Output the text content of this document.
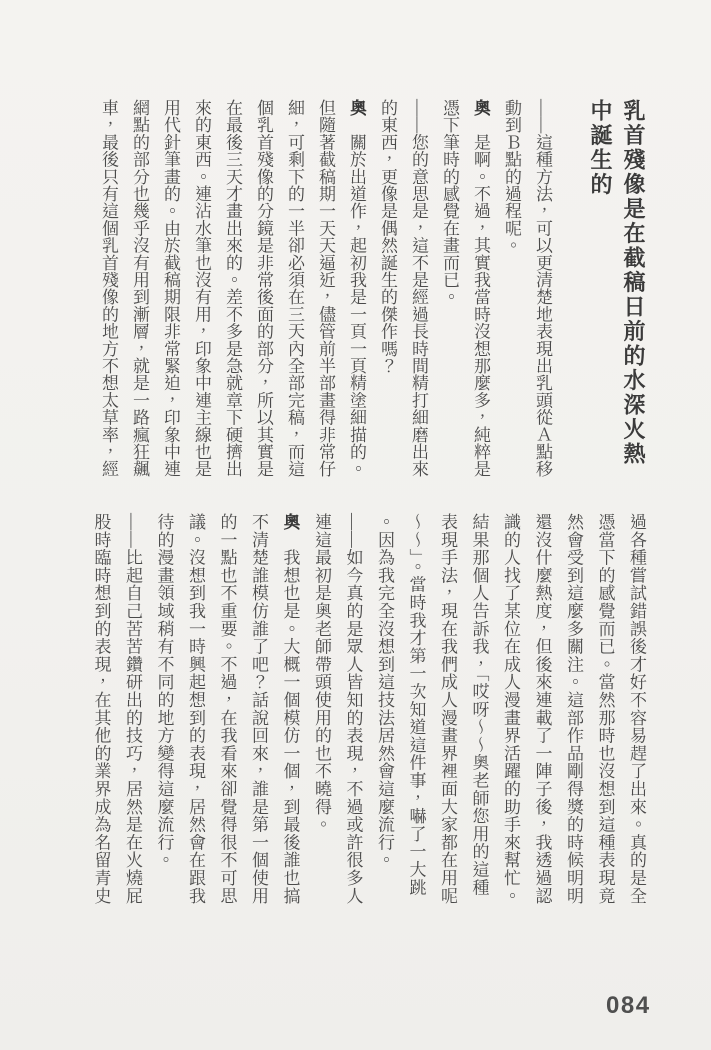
乳首殘像是在截稿日前的水深火熱中誕生的

——這種方法，可以更清楚地表現出乳頭從Ａ點移動到Ｂ點的過程呢。

奧　是啊。不過，其實我當時沒想那麼多，純粹是憑下筆時的感覺在畫而已。

——您的意思是，這不是經過長時間精打細磨出來的東西，更像是偶然誕生的傑作嗎？

奧　關於出道作，起初我是一頁一頁精塗細描的。但隨著截稿期一天天逼近，儘管前半部畫得非常仔細，可剩下的一半卻必須在三天內全部完稿，而這個乳首殘像的分鏡是非常後面的部分，所以其實是在最後三天才畫出來的。差不多是急就章下硬擠出來的東西。連沾水筆也沒有用，印象中連主線也是用代針筆畫的。由於截稿期限非常緊迫，印象中連網點的部分也幾乎沒有用到漸層，就是一路瘋狂飆車，最後只有這個乳首殘像的地方不想太草率，經

過各種嘗試錯誤後才好不容易趕了出來。真的是全憑當下的感覺而已。當然那時也沒想到這種表現竟然會受到這麼多關注。這部作品剛得獎的時候明明還沒什麼熱度，但後來連載了一陣子後，我透過認識的人找了某位在成人漫畫界活躍的助手來幫忙。結果那個人告訴我，「哎呀～～奧老師您用的這種表現手法，現在我們成人漫畫界裡面大家都在用呢～～」。當時我才第一次知道這件事，嚇了一大跳。因為我完全沒想到這技法居然會這麼流行。

——如今真的是眾人皆知的表現，不過或許很多人連這最初是奧老師帶頭使用的也不曉得。

奧　我想也是。大概一個模仿一個，到最後誰也搞不清楚誰模仿誰了吧？話說回來，誰是第一個使用的一點也不重要。不過，在我看來卻覺得很不可思議。沒想到我一時興起想到的表現，居然會在跟我待的漫畫領域稍有不同的地方變得這麼流行。

——比起自己苦苦鑽研出的技巧，居然是在火燒屁股時臨時想到的表現，在其他的業界成為名留青史

084
